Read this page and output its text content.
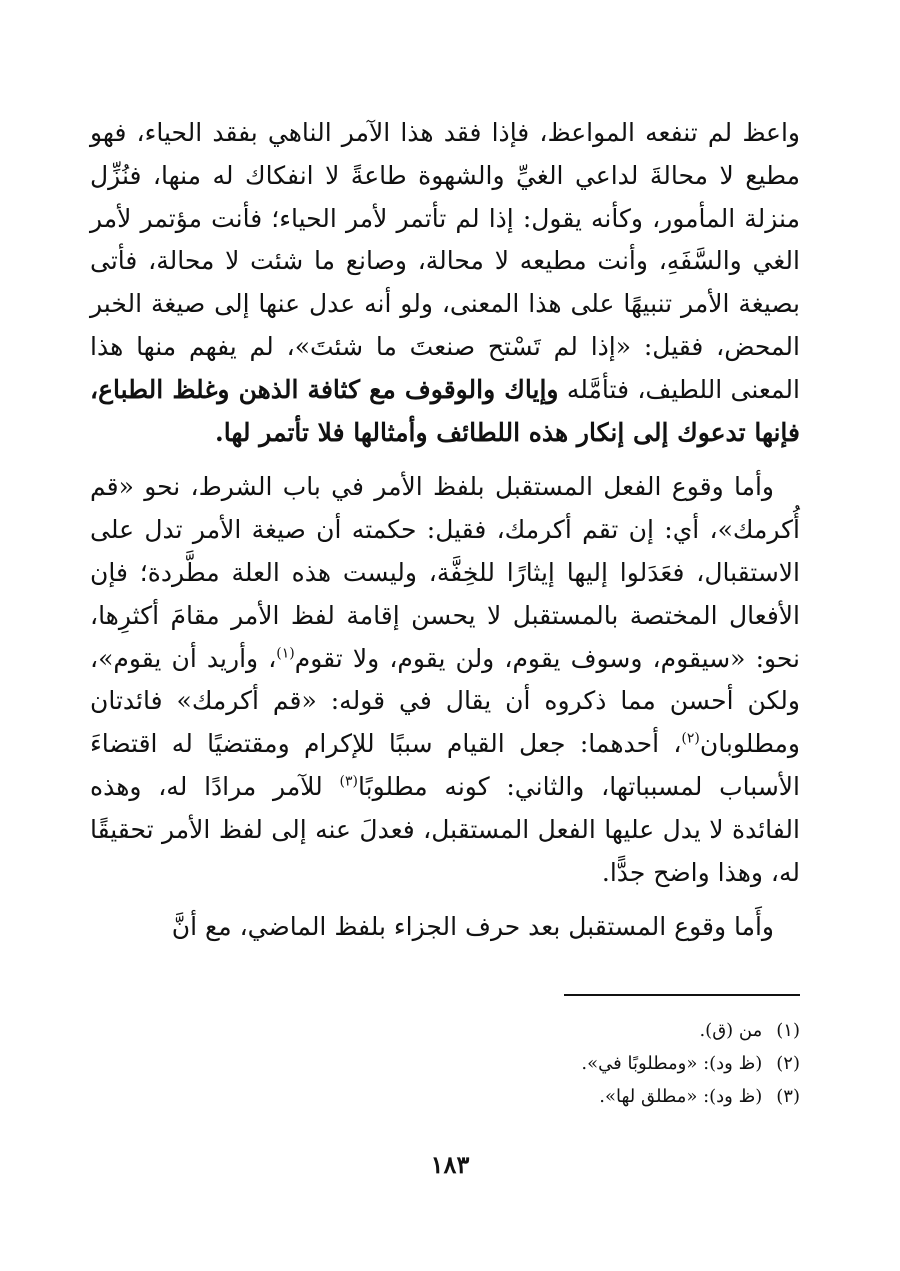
واعظ لم تنفعه المواعظ، فإذا فقد هذا الآمر الناهي بفقد الحياء، فهو مطيع لا محالةَ لداعي الغيِّ والشهوة طاعةً لا انفكاك له منها، فنُزِّل منزلة المأمور، وكأنه يقول: إذا لم تأتمر لأمر الحياء؛ فأنت مؤتمر لأمر الغي والسَّفَهِ، وأنت مطيعه لا محالة، وصانع ما شئت لا محالة، فأتى بصيغة الأمر تنبيهًا على هذا المعنى، ولو أنه عدل عنها إلى صيغة الخبر المحض، فقيل: «إذا لم تَسْتح صنعتَ ما شئتَ»، لم يفهم منها هذا المعنى اللطيف، فتأمَّله وإياك والوقوف مع كثافة الذهن وغلظ الطباع، فإنها تدعوك إلى إنكار هذه اللطائف وأمثالها فلا تأتمر لها.

وأما وقوع الفعل المستقبل بلفظ الأمر في باب الشرط، نحو «قم أُكرمك»، أي: إن تقم أكرمك، فقيل: حكمته أن صيغة الأمر تدل على الاستقبال، فعَدَلوا إليها إيثارًا للخِفَّة، وليست هذه العلة مطَّردة؛ فإن الأفعال المختصة بالمستقبل لا يحسن إقامة لفظ الأمر مقامَ أكثرِها، نحو: «سيقوم، وسوف يقوم، ولن يقوم، ولا تقوم$^{(١)}$، وأريد أن يقوم»، ولكن أحسن مما ذكروه أن يقال في قوله: «قم أكرمك» فائدتان ومطلوبان$^{(٢)}$، أحدهما: جعل القيام سببًا للإكرام ومقتضيًا له اقتضاءَ الأسباب لمسبباتها، والثاني: كونه مطلوبًا$^{(٣)}$ للآمر مرادًا له، وهذه الفائدة لا يدل عليها الفعل المستقبل، فعدلَ عنه إلى لفظ الأمر تحقيقًا له، وهذا واضح جدًّا.

وأَما وقوع المستقبل بعد حرف الجزاء بلفظ الماضي، مع أنَّ

(١)من (ق).
(٢)(ظ ود): «ومطلوبًا في».
(٣)(ظ ود): «مطلق لها».
١٨٣
